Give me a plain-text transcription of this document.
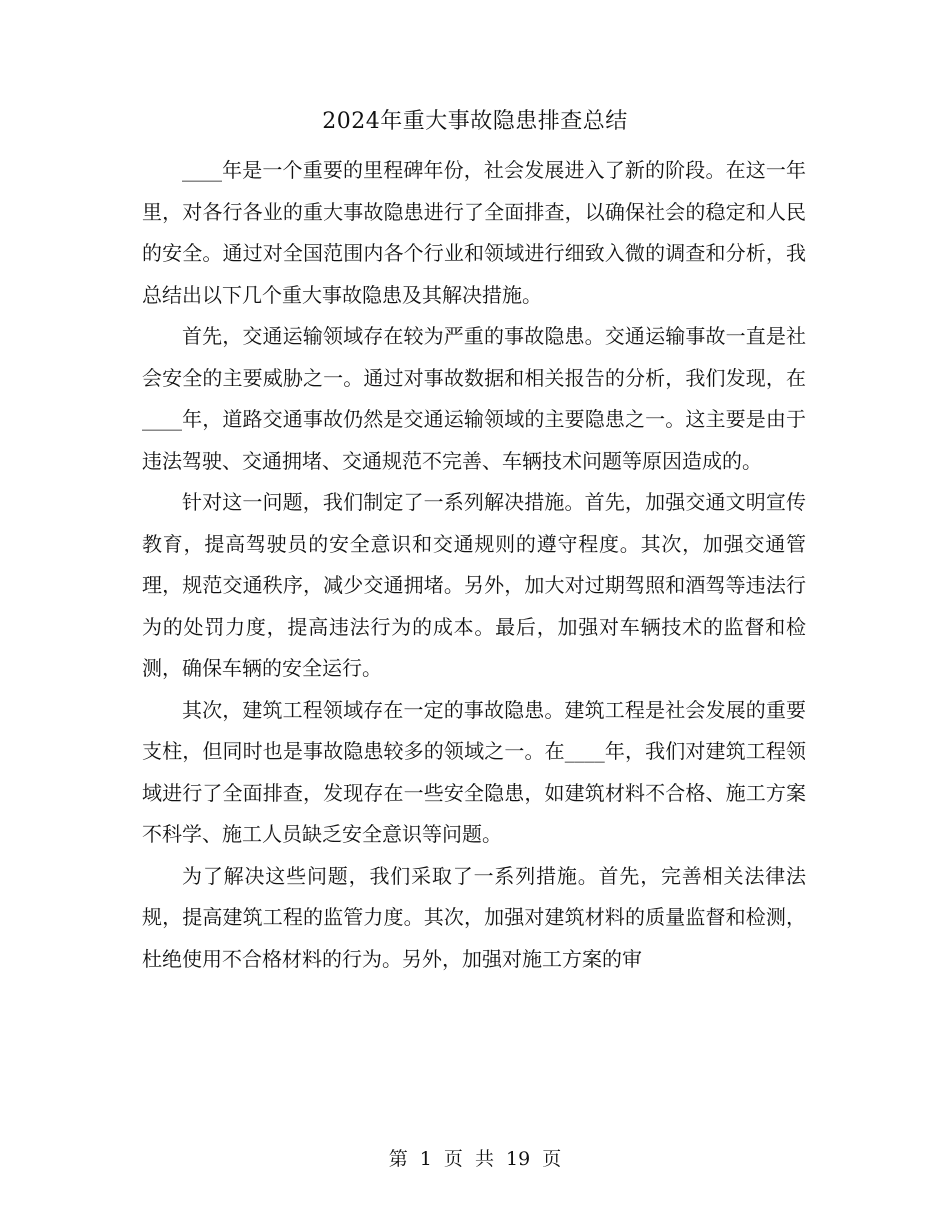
2024年重大事故隐患排查总结

____年是一个重要的里程碑年份，社会发展进入了新的阶段。在这一年里，对各行各业的重大事故隐患进行了全面排查，以确保社会的稳定和人民的安全。通过对全国范围内各个行业和领域进行细致入微的调查和分析，我总结出以下几个重大事故隐患及其解决措施。

首先，交通运输领域存在较为严重的事故隐患。交通运输事故一直是社会安全的主要威胁之一。通过对事故数据和相关报告的分析，我们发现，在____年，道路交通事故仍然是交通运输领域的主要隐患之一。这主要是由于违法驾驶、交通拥堵、交通规范不完善、车辆技术问题等原因造成的。

针对这一问题，我们制定了一系列解决措施。首先，加强交通文明宣传教育，提高驾驶员的安全意识和交通规则的遵守程度。其次，加强交通管理，规范交通秩序，减少交通拥堵。另外，加大对过期驾照和酒驾等违法行为的处罚力度，提高违法行为的成本。最后，加强对车辆技术的监督和检测，确保车辆的安全运行。

其次，建筑工程领域存在一定的事故隐患。建筑工程是社会发展的重要支柱，但同时也是事故隐患较多的领域之一。在____年，我们对建筑工程领域进行了全面排查，发现存在一些安全隐患，如建筑材料不合格、施工方案不科学、施工人员缺乏安全意识等问题。

为了解决这些问题，我们采取了一系列措施。首先，完善相关法律法规，提高建筑工程的监管力度。其次，加强对建筑材料的质量监督和检测，杜绝使用不合格材料的行为。另外，加强对施工方案的审

第 1 页 共 19 页
